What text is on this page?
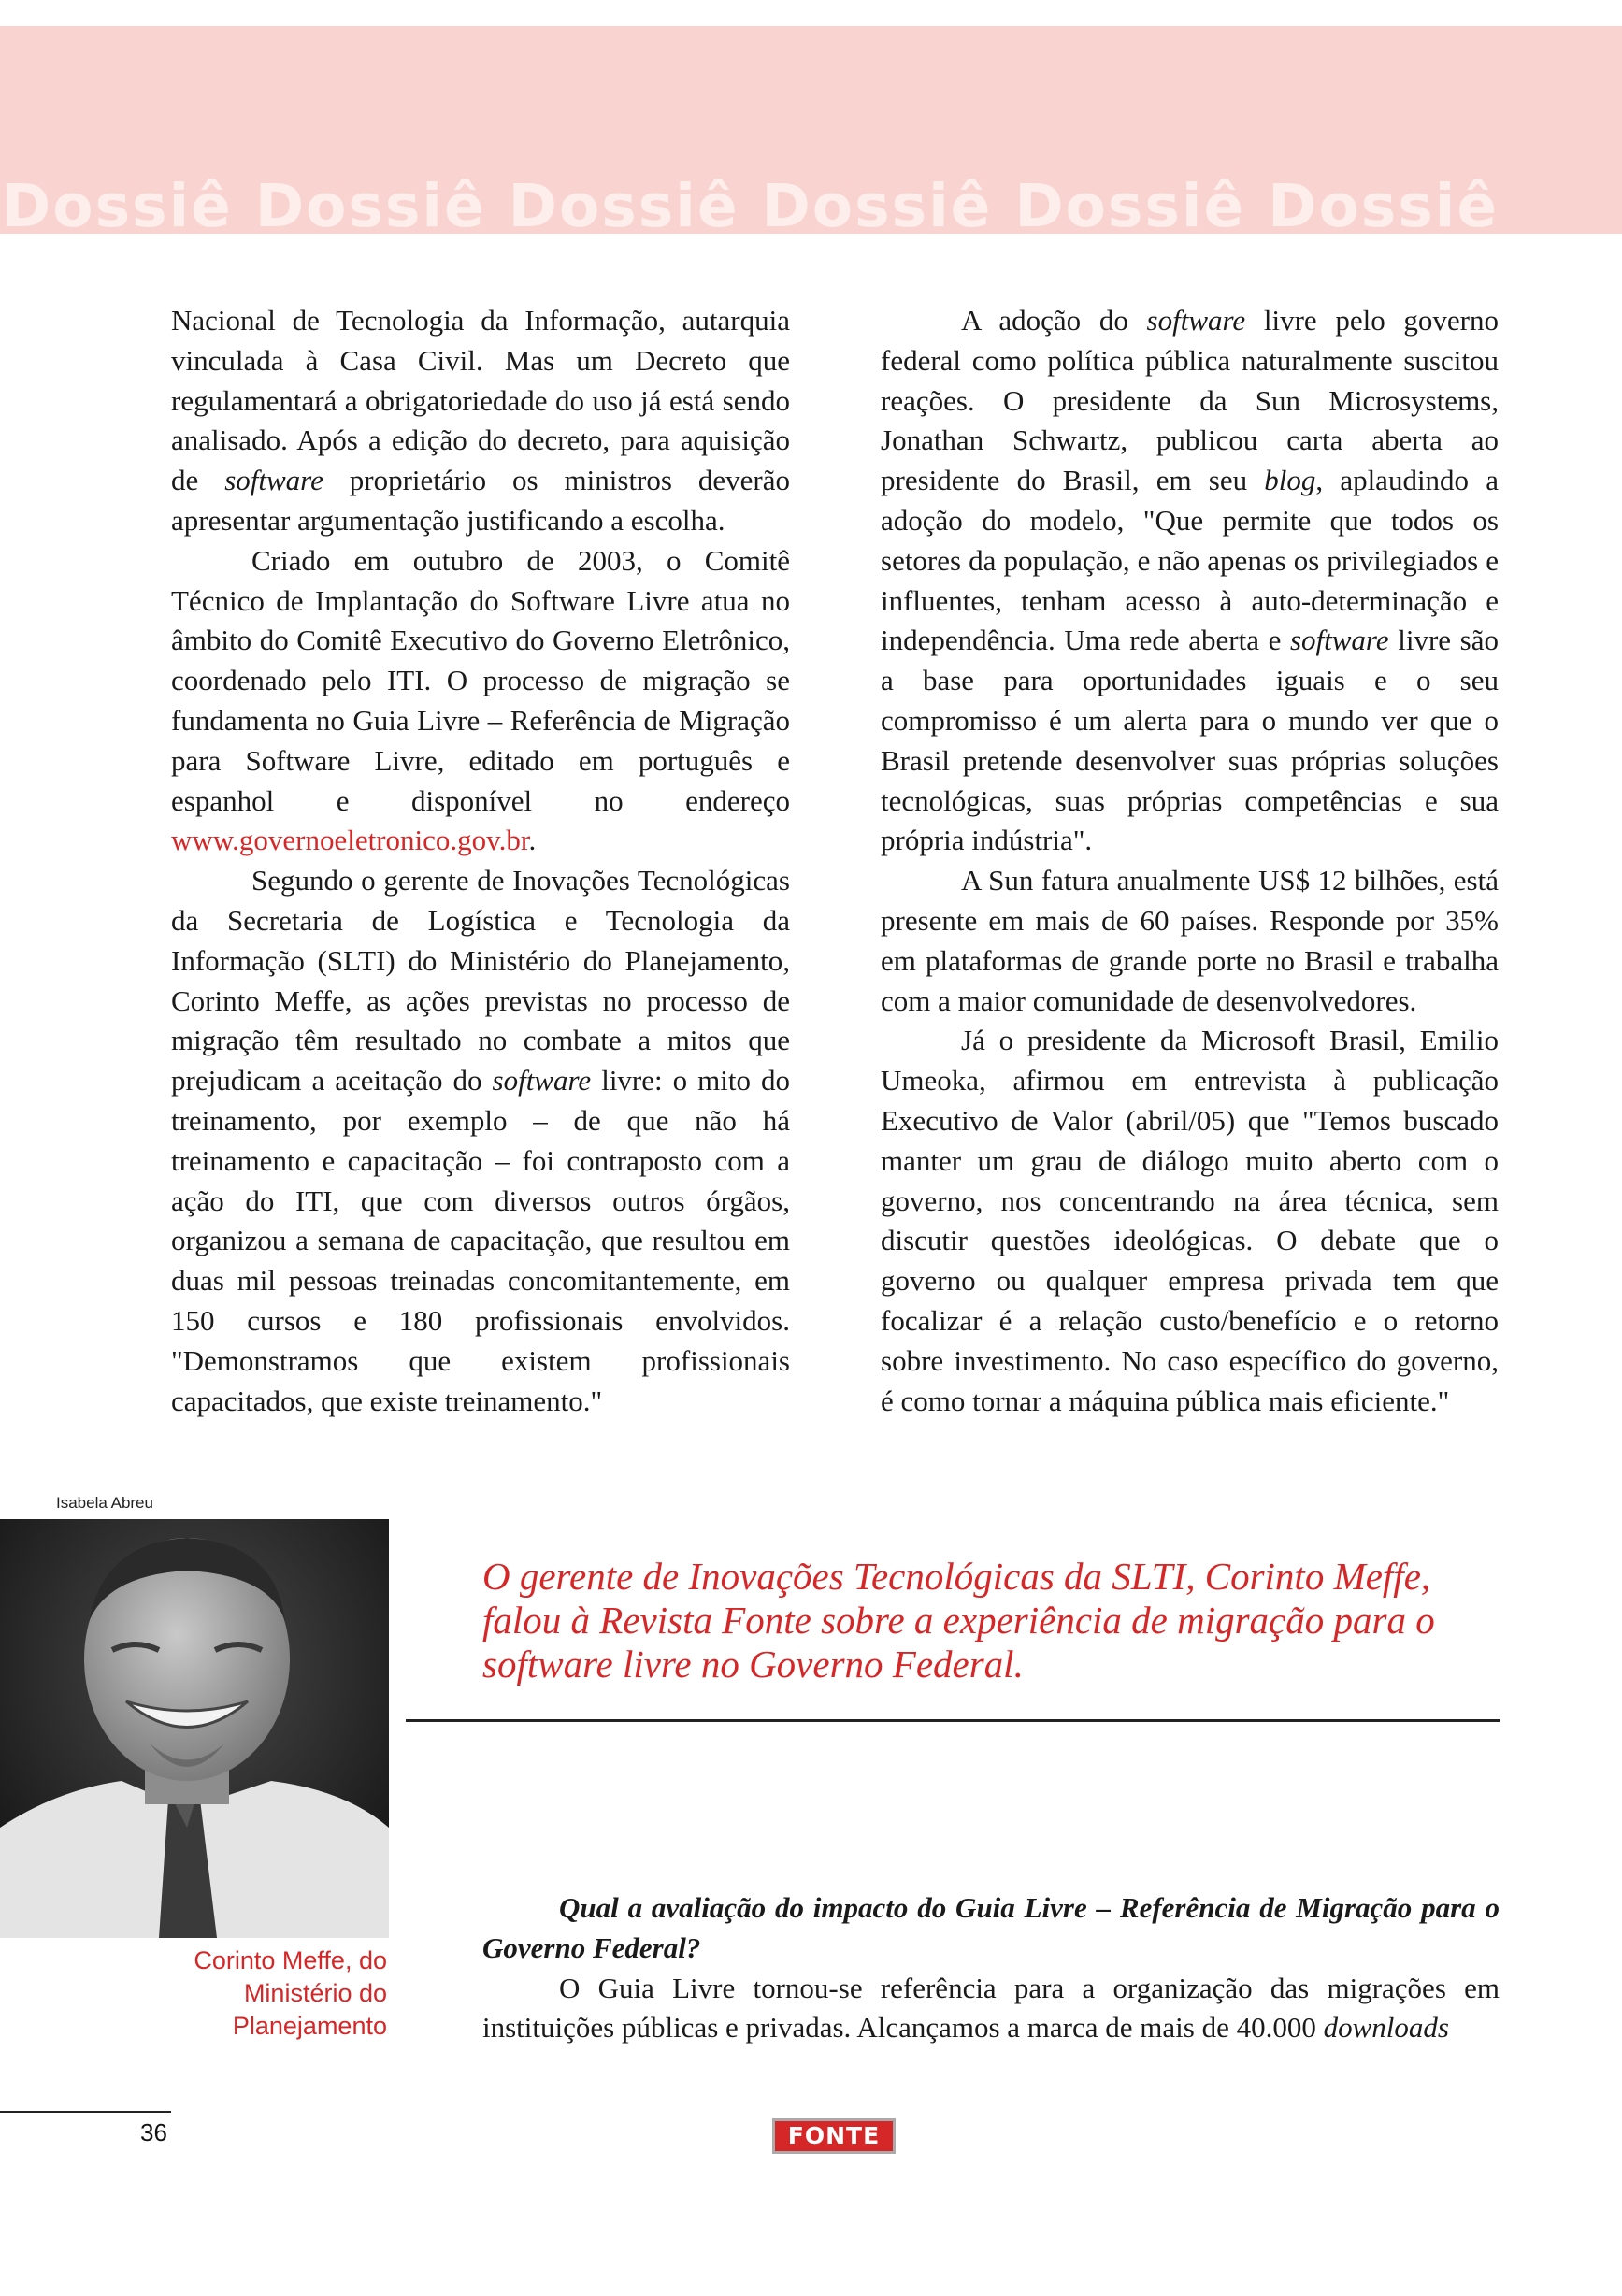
Dossiê Dossiê Dossiê Dossiê Dossiê Dossiê

Nacional de Tecnologia da Informação, autarquia vinculada à Casa Civil. Mas um Decreto que regulamentará a obrigatoriedade do uso já está sendo analisado. Após a edição do decreto, para aquisição de software proprietário os ministros deverão apresentar argumentação justificando a escolha.

Criado em outubro de 2003, o Comitê Técnico de Implantação do Software Livre atua no âmbito do Comitê Executivo do Governo Eletrônico, coordenado pelo ITI. O processo de migração se fundamenta no Guia Livre – Referência de Migração para Software Livre, editado em português e espanhol e disponível no endereço www.governoeletronico.gov.br.

Segundo o gerente de Inovações Tecnológicas da Secretaria de Logística e Tecnologia da Informação (SLTI) do Ministério do Planejamento, Corinto Meffe, as ações previstas no processo de migração têm resultado no combate a mitos que prejudicam a aceitação do software livre: o mito do treinamento, por exemplo – de que não há treinamento e capacitação – foi contraposto com a ação do ITI, que com diversos outros órgãos, organizou a semana de capacitação, que resultou em duas mil pessoas treinadas concomitantemente, em 150 cursos e 180 profissionais envolvidos. "Demonstramos que existem profissionais capacitados, que existe treinamento."

A adoção do software livre pelo governo federal como política pública naturalmente suscitou reações. O presidente da Sun Microsystems, Jonathan Schwartz, publicou carta aberta ao presidente do Brasil, em seu blog, aplaudindo a adoção do modelo, "Que permite que todos os setores da população, e não apenas os privilegiados e influentes, tenham acesso à auto-determinação e independência. Uma rede aberta e software livre são a base para oportunidades iguais e o seu compromisso é um alerta para o mundo ver que o Brasil pretende desenvolver suas próprias soluções tecnológicas, suas próprias competências e sua própria indústria".

A Sun fatura anualmente US$ 12 bilhões, está presente em mais de 60 países. Responde por 35% em plataformas de grande porte no Brasil e trabalha com a maior comunidade de desenvolvedores.

Já o presidente da Microsoft Brasil, Emilio Umeoka, afirmou em entrevista à publicação Executivo de Valor (abril/05) que "Temos buscado manter um grau de diálogo muito aberto com o governo, nos concentrando na área técnica, sem discutir questões ideológicas. O debate que o governo ou qualquer empresa privada tem que focalizar é a relação custo/benefício e o retorno sobre investimento. No caso específico do governo, é como tornar a máquina pública mais eficiente."

Isabela Abreu
Corinto Meffe, do
Ministério do
Planejamento
O gerente de Inovações Tecnológicas da SLTI, Corinto Meffe, falou à Revista Fonte sobre a experiência de migração para o software livre no Governo Federal.

Qual a avaliação do impacto do Guia Livre – Referência de Migração para o Governo Federal?

O Guia Livre tornou-se referência para a organização das migrações em instituições públicas e privadas. Alcançamos a marca de mais de 40.000 downloads

36	FONTE
